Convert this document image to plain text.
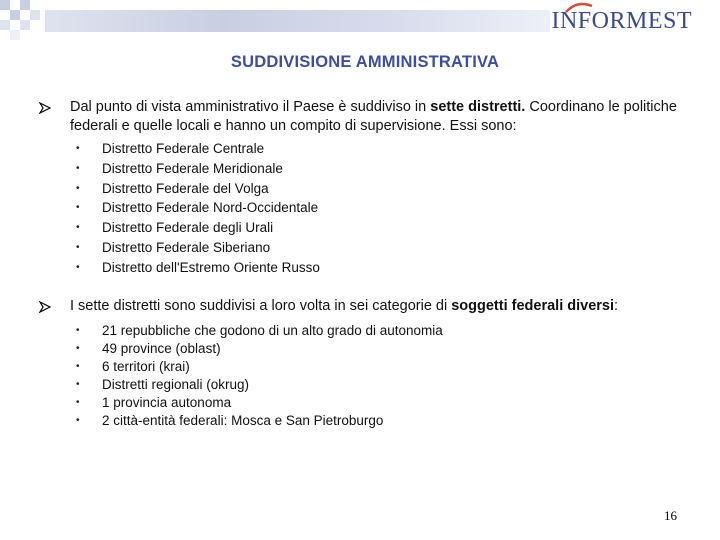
INFORMEST
SUDDIVISIONE AMMINISTRATIVA
Dal punto di vista amministrativo il Paese è suddiviso in sette distretti. Coordinano le politiche federali e quelle locali e hanno un compito di supervisione. Essi sono:
• Distretto Federale Centrale
• Distretto Federale Meridionale
• Distretto Federale del Volga
• Distretto Federale Nord-Occidentale
• Distretto Federale degli Urali
• Distretto Federale Siberiano
• Distretto dell'Estremo Oriente Russo
I sette distretti sono suddivisi a loro volta in sei categorie di soggetti federali diversi:
• 21 repubbliche che godono di un alto grado di autonomia
• 49 province (oblast)
• 6 territori (krai)
• Distretti regionali (okrug)
• 1 provincia autonoma
• 2 città-entità federali: Mosca e San Pietroburgo
16
